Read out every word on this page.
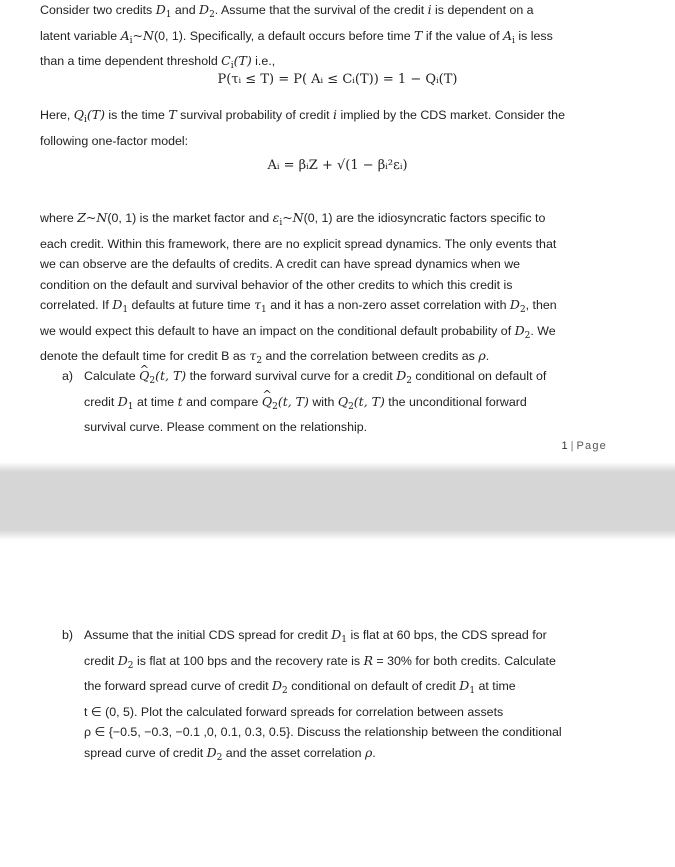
Consider two credits $D_1$ and $D_2$. Assume that the survival of the credit i is dependent on a
latent variable $A_i\sim N(0$, 1). Specifically, a default occurs before time T if the value of $A_i$ is less
than a time dependent threshold $C_i(T)$ i.e.,
P(τᵢ ≤ T) = P( Aᵢ ≤ Cᵢ(T)) = 1 − Qᵢ(T)
Here, $Q_i(T)$ is the time T survival probability of credit i implied by the CDS market. Consider the
following one-factor model:
Aᵢ = βᵢZ + √(1 − βᵢ²εᵢ)
where Z~N(0, 1) is the market factor and $\varepsilon_i\sim N(0$, 1) are the idiosyncratic factors specific to
each credit. Within this framework, there are no explicit spread dynamics. The only events that
we can observe are the defaults of credits. A credit can have spread dynamics when we
condition on the default and survival behavior of the other credits to which this credit is
correlated. If $D_1$ defaults at future time $\tau_1$ and it has a non-zero asset correlation with $D_2$, then
we would expect this default to have an impact on the conditional default probability of $D_2$. We
denote the default time for credit B as $\tau_2$ and the correlation between credits as ρ.
a) Calculate ^ $Q_2(t$, T) the forward survival curve for a credit $D_2$ conditional on default of
credit $D_1$ at time t and compare ^ $Q_2(t$, T) with $Q_2(t$, T) the unconditional forward
survival curve. Please comment on the relationship.
1 | Page
b) Assume that the initial CDS spread for credit $D_1$ is flat at 60 bps, the CDS spread for
credit $D_2$ is flat at 100 bps and the recovery rate is R = 30% for both credits. Calculate
the forward spread curve of credit $D_2$ conditional on default of credit $D_1$ at time
t ∈ (0, 5). Plot the calculated forward spreads for correlation between assets
ρ ∈ {−0.5, −0.3, −0.1 ,0, 0.1, 0.3, 0.5}. Discuss the relationship between the conditional
spread curve of credit $D_2$ and the asset correlation ρ.
